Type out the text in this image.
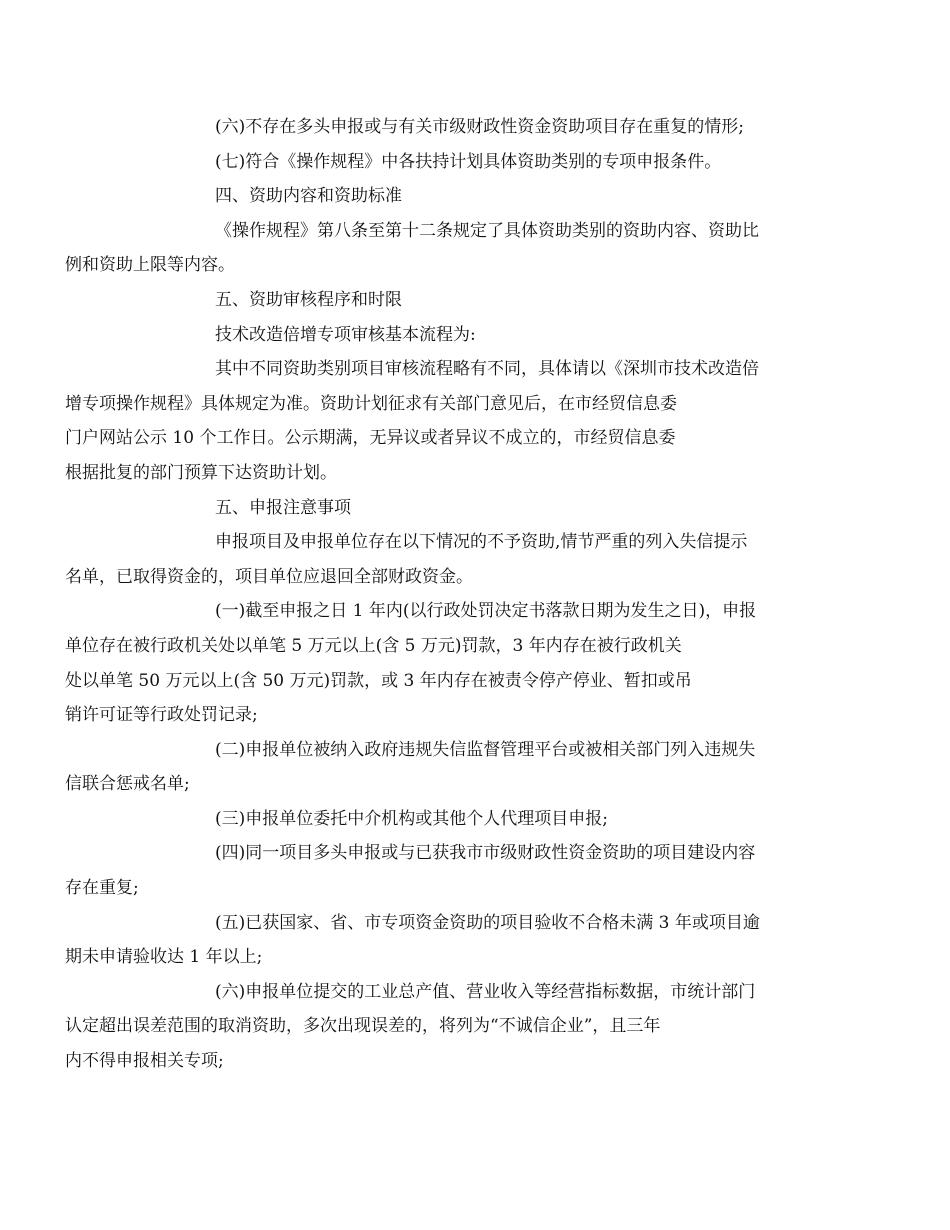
(六)不存在多头申报或与有关市级财政性资金资助项目存在重复的情形;

(七)符合《操作规程》中各扶持计划具体资助类别的专项申报条件。

四、资助内容和资助标准

《操作规程》第八条至第十二条规定了具体资助类别的资助内容、资助比
例和资助上限等内容。

五、资助审核程序和时限

技术改造倍增专项审核基本流程为:

其中不同资助类别项目审核流程略有不同，具体请以《深圳市技术改造倍
增专项操作规程》具体规定为准。资助计划征求有关部门意见后，在市经贸信息委
门户网站公示 10 个工作日。公示期满，无异议或者异议不成立的，市经贸信息委
根据批复的部门预算下达资助计划。

五、申报注意事项

申报项目及申报单位存在以下情况的不予资助,情节严重的列入失信提示
名单，已取得资金的，项目单位应退回全部财政资金。

(一)截至申报之日 1 年内(以行政处罚决定书落款日期为发生之日)，申报
单位存在被行政机关处以单笔 5 万元以上(含 5 万元)罚款，3 年内存在被行政机关
处以单笔 50 万元以上(含 50 万元)罚款，或 3 年内存在被责令停产停业、暂扣或吊
销许可证等行政处罚记录;

(二)申报单位被纳入政府违规失信监督管理平台或被相关部门列入违规失
信联合惩戒名单;

(三)申报单位委托中介机构或其他个人代理项目申报;

(四)同一项目多头申报或与已获我市市级财政性资金资助的项目建设内容
存在重复;

(五)已获国家、省、市专项资金资助的项目验收不合格未满 3 年或项目逾
期未申请验收达 1 年以上;

(六)申报单位提交的工业总产值、营业收入等经营指标数据，市统计部门
认定超出误差范围的取消资助，多次出现误差的，将列为“不诚信企业”，且三年
内不得申报相关专项;
